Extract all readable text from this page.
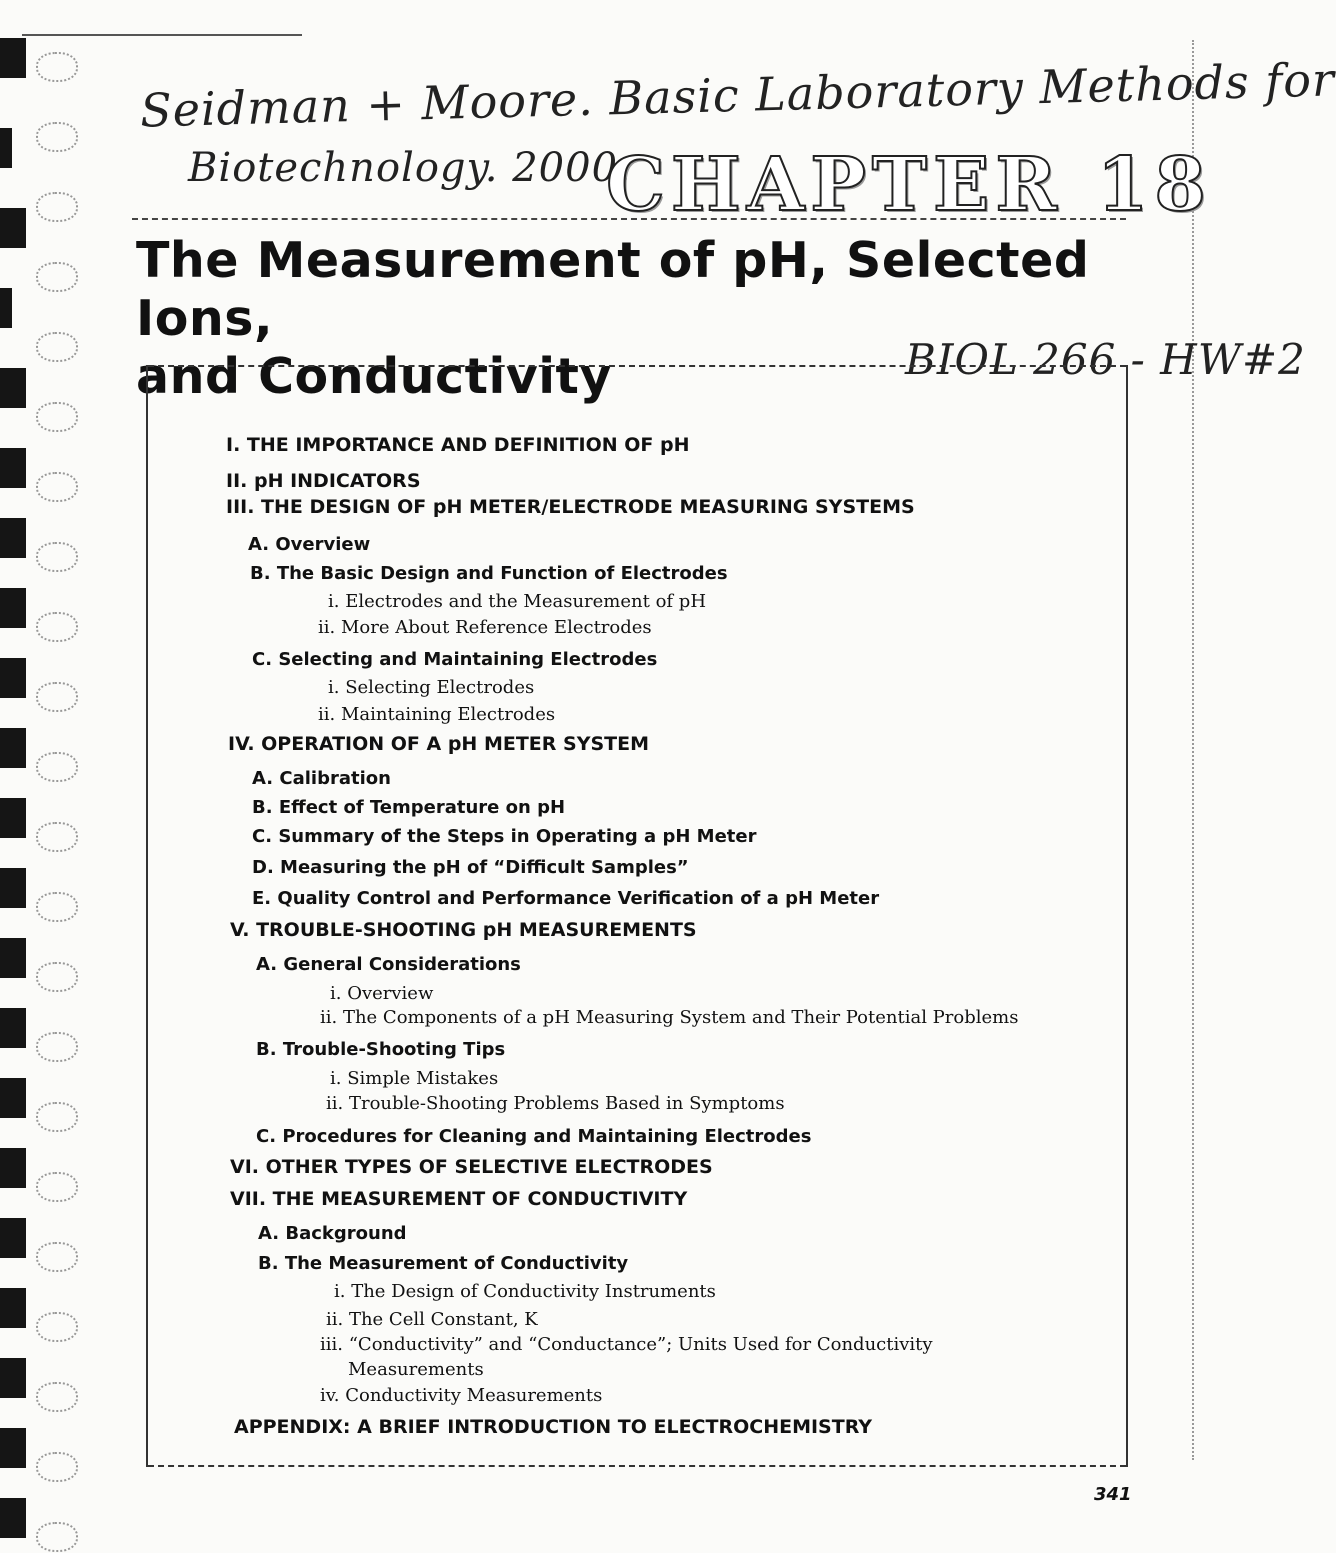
Seidman + Moore. Basic Laboratory Methods for
Biotechnology. 2000.
BIOL 266 - HW#2
CHAPTER 18
The Measurement of pH, Selected Ions,
and Conductivity
I. THE IMPORTANCE AND DEFINITION OF pH
II. pH INDICATORS
III. THE DESIGN OF pH METER/ELECTRODE MEASURING SYSTEMS
A. Overview
B. The Basic Design and Function of Electrodes
i. Electrodes and the Measurement of pH
ii. More About Reference Electrodes
C. Selecting and Maintaining Electrodes
i. Selecting Electrodes
ii. Maintaining Electrodes
IV. OPERATION OF A pH METER SYSTEM
A. Calibration
B. Effect of Temperature on pH
C. Summary of the Steps in Operating a pH Meter
D. Measuring the pH of “Difficult Samples”
E. Quality Control and Performance Verification of a pH Meter
V. TROUBLE-SHOOTING pH MEASUREMENTS
A. General Considerations
i. Overview
ii. The Components of a pH Measuring System and Their Potential Problems
B. Trouble-Shooting Tips
i. Simple Mistakes
ii. Trouble-Shooting Problems Based in Symptoms
C. Procedures for Cleaning and Maintaining Electrodes
VI. OTHER TYPES OF SELECTIVE ELECTRODES
VII. THE MEASUREMENT OF CONDUCTIVITY
A. Background
B. The Measurement of Conductivity
i. The Design of Conductivity Instruments
ii. The Cell Constant, K
iii. “Conductivity” and “Conductance”; Units Used for Conductivity
Measurements
iv. Conductivity Measurements
APPENDIX: A BRIEF INTRODUCTION TO ELECTROCHEMISTRY
341
